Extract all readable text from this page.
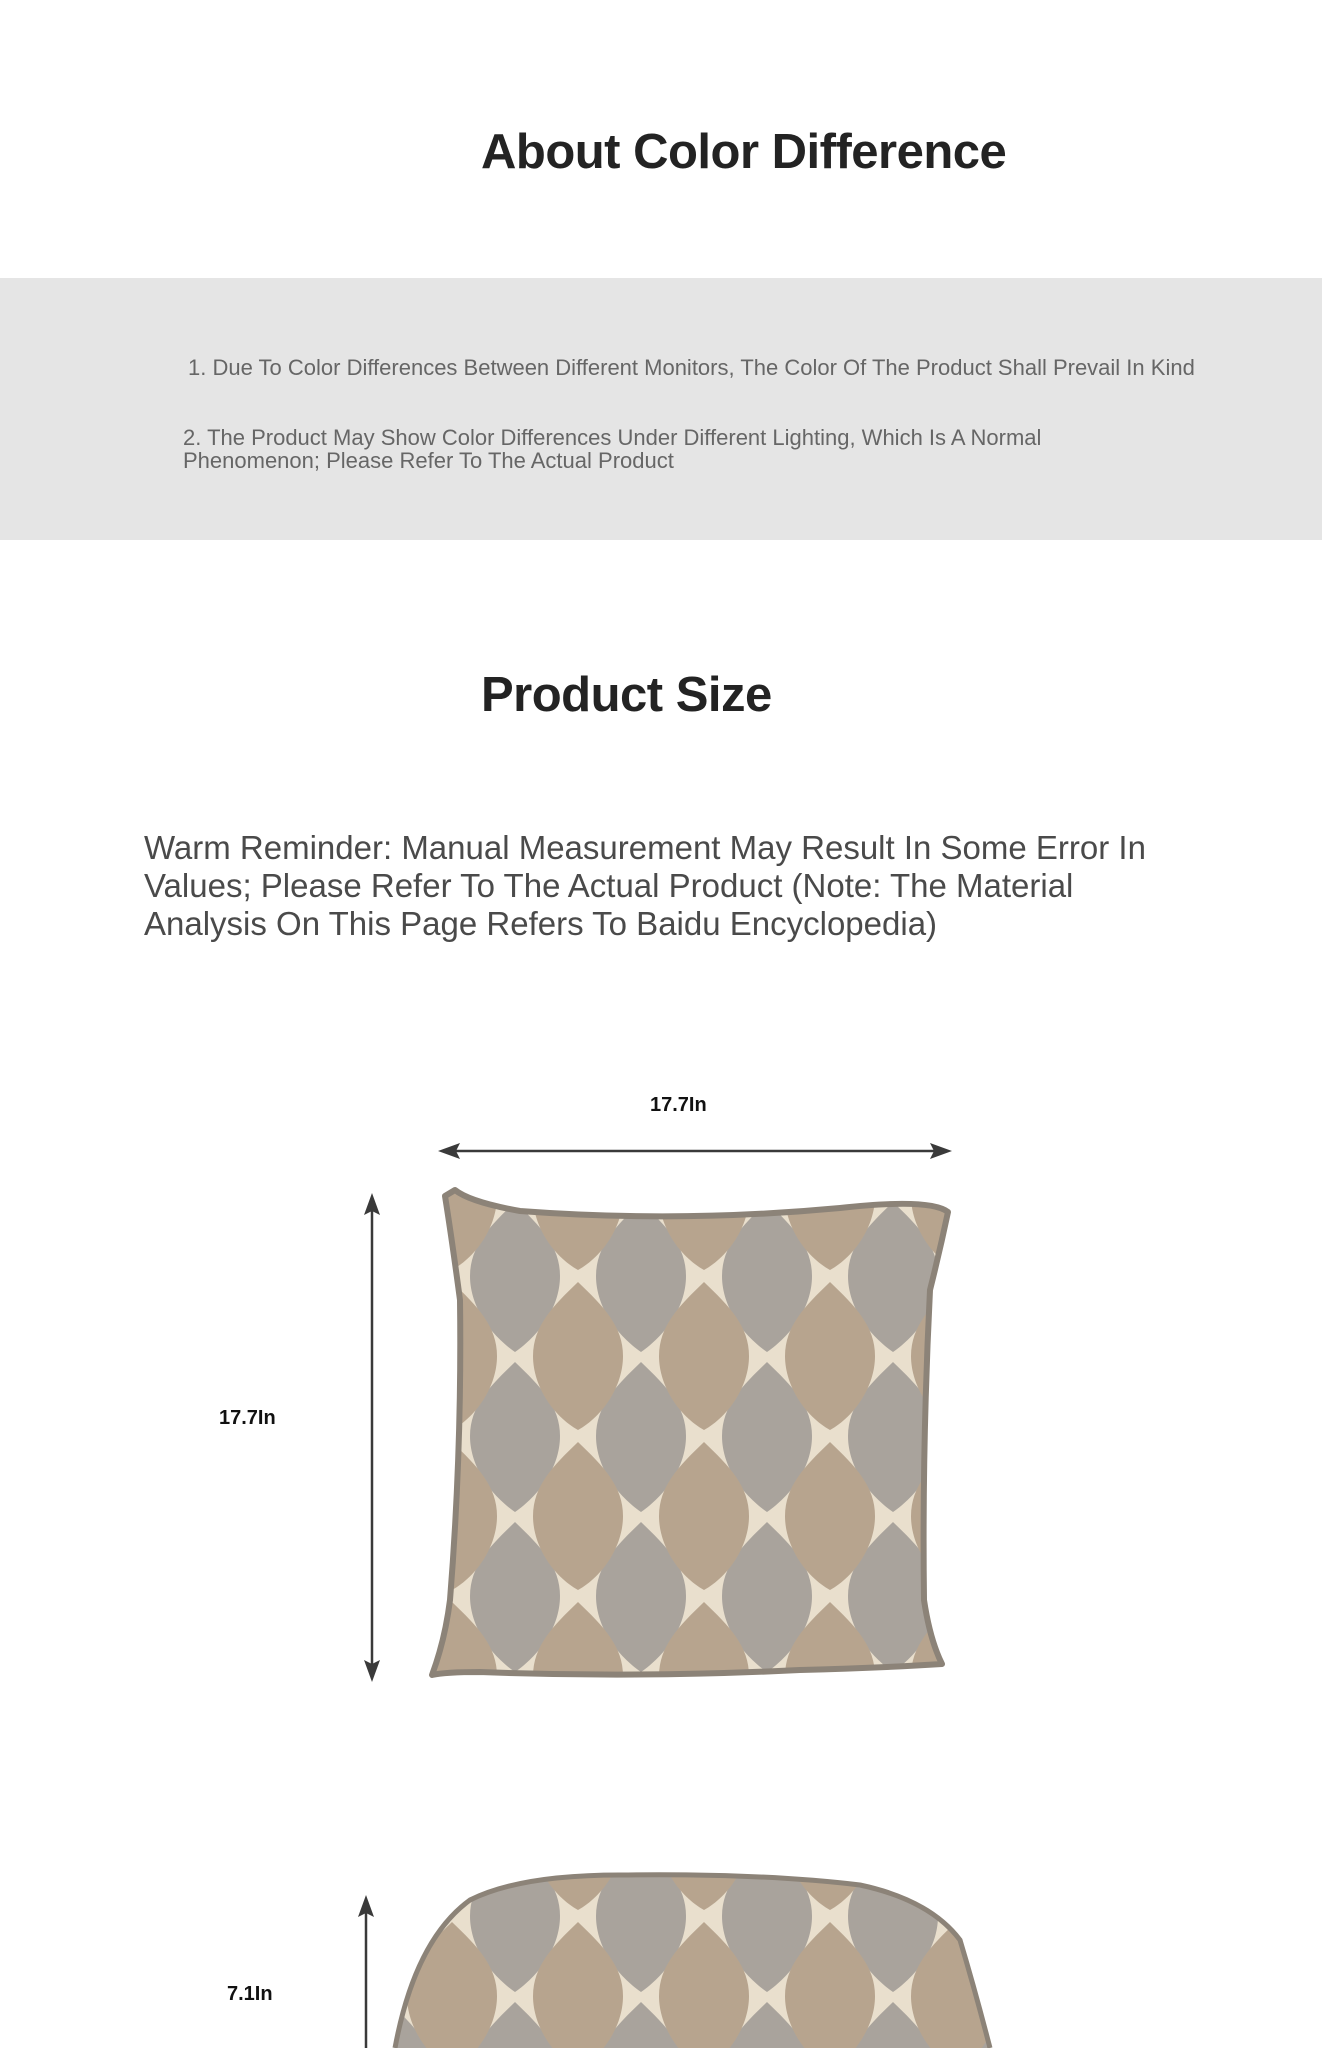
About Color Difference
1. Due To Color Differences Between Different Monitors, The Color Of The Product Shall Prevail In Kind
2. The Product May Show Color Differences Under Different Lighting, Which Is A Normal Phenomenon; Please Refer To The Actual Product
Product Size
Warm Reminder: Manual Measurement May Result In Some Error In Values; Please Refer To The Actual Product (Note: The Material Analysis On This Page Refers To Baidu Encyclopedia)
17.7In
17.7In
7.1In
